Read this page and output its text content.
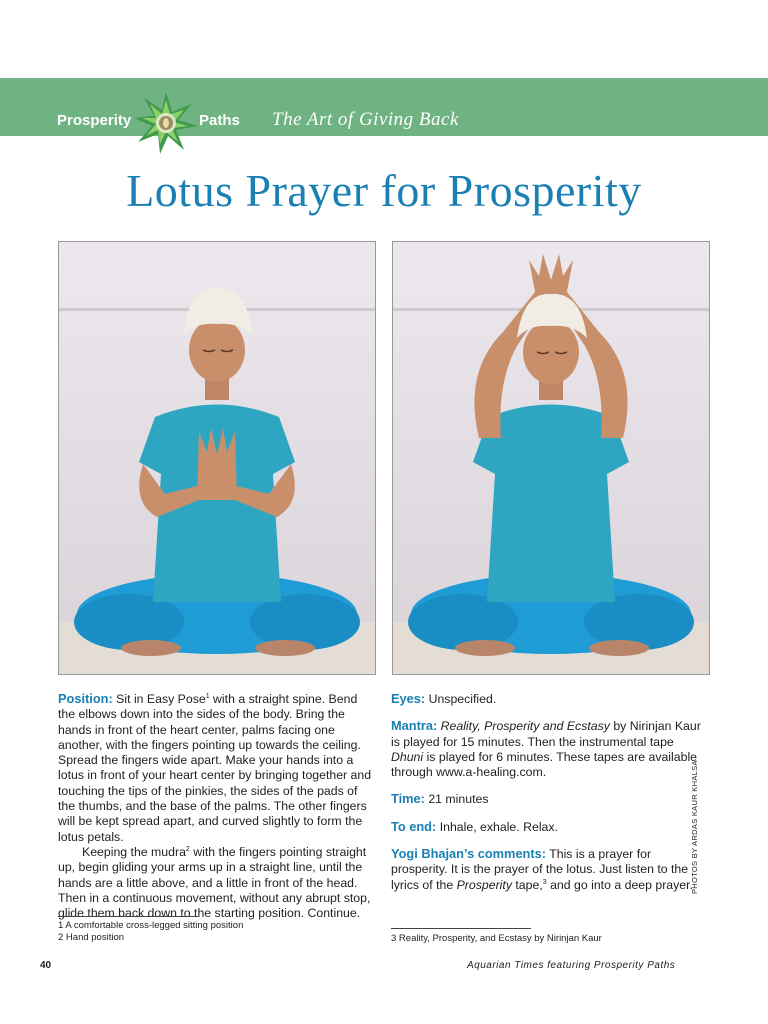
Prosperity	Paths The Art of Giving Back
Lotus Prayer for Prosperity

Position: Sit in Easy Pose$^1$ with a straight spine. Bend the elbows down into the sides of the body. Bring the hands in front of the heart center, palms facing one another, with the fingers pointing up towards the ceiling. Spread the fingers wide apart. Make your hands into a lotus in front of your heart center by bringing together and touching the tips of the pinkies, the sides of the pads of the thumbs, and the base of the palms. The other fingers will be kept spread apart, and curved slightly to form the lotus petals.

Keeping the mudra$^2$ with the fingers pointing straight up, begin gliding your arms up in a straight line, until the hands are a little above, and a little in front of the head. Then in a continuous movement, without any abrupt stop, glide them back down to the starting position. Continue.

Eyes: Unspecified.

Mantra: Reality, Prosperity and Ecstasy by Nirinjan Kaur is played for 15 minutes. Then the instrumental tape Dhuni is played for 6 minutes. These tapes are available through www.a-healing.com.

Time: 21 minutes

To end: Inhale, exhale. Relax.

Yogi Bhajan’s comments: This is a prayer for prosperity. It is the prayer of the lotus. Just listen to the lyrics of the Prosperity tape,$^3$ and go into a deep prayer.

1 A comfortable cross-legged sitting position
2 Hand position	3 Reality, Prosperity, and Ecstasy by Nirinjan Kaur
40	Aquarian Times featuring Prosperity Paths
PHOTOS BY ARDAS KAUR KHALSA
